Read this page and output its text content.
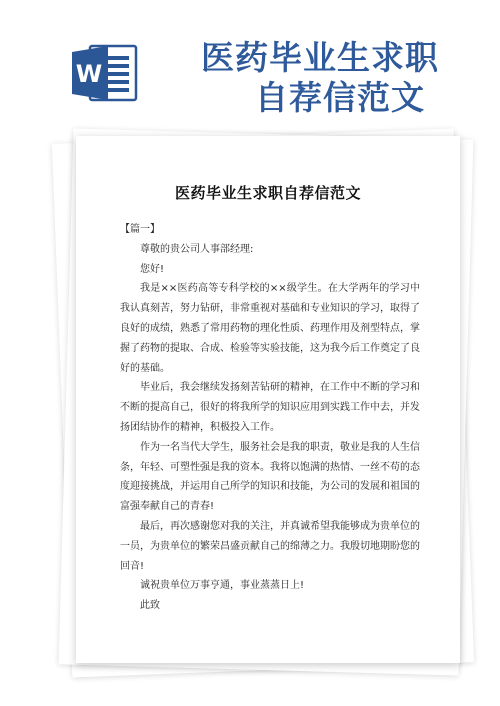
W	医药毕业生求职
自荐信范文
医药毕业生求职自荐信范文

【篇一】

尊敬的贵公司人事部经理:

您好!

我是××医药高等专科学校的××级学生。在大学两年的学习中我认真刻苦，努力钻研，非常重视对基础和专业知识的学习，取得了良好的成绩，熟悉了常用药物的理化性质、药理作用及剂型特点，掌握了药物的提取、合成、检验等实验技能，这为我今后工作奠定了良好的基础。

毕业后，我会继续发扬刻苦钻研的精神，在工作中不断的学习和不断的提高自己，很好的将我所学的知识应用到实践工作中去，并发扬团结协作的精神，积极投入工作。

作为一名当代大学生，服务社会是我的职责，敬业是我的人生信条，年轻、可塑性强是我的资本。我将以饱满的热情、一丝不苟的态度迎接挑战，并运用自己所学的知识和技能，为公司的发展和祖国的富强奉献自己的青春!

最后，再次感谢您对我的关注，并真诚希望我能够成为贵单位的一员，为贵单位的繁荣昌盛贡献自己的绵薄之力。我殷切地期盼您的回音!

诚祝贵单位万事亨通，事业蒸蒸日上!

此致
